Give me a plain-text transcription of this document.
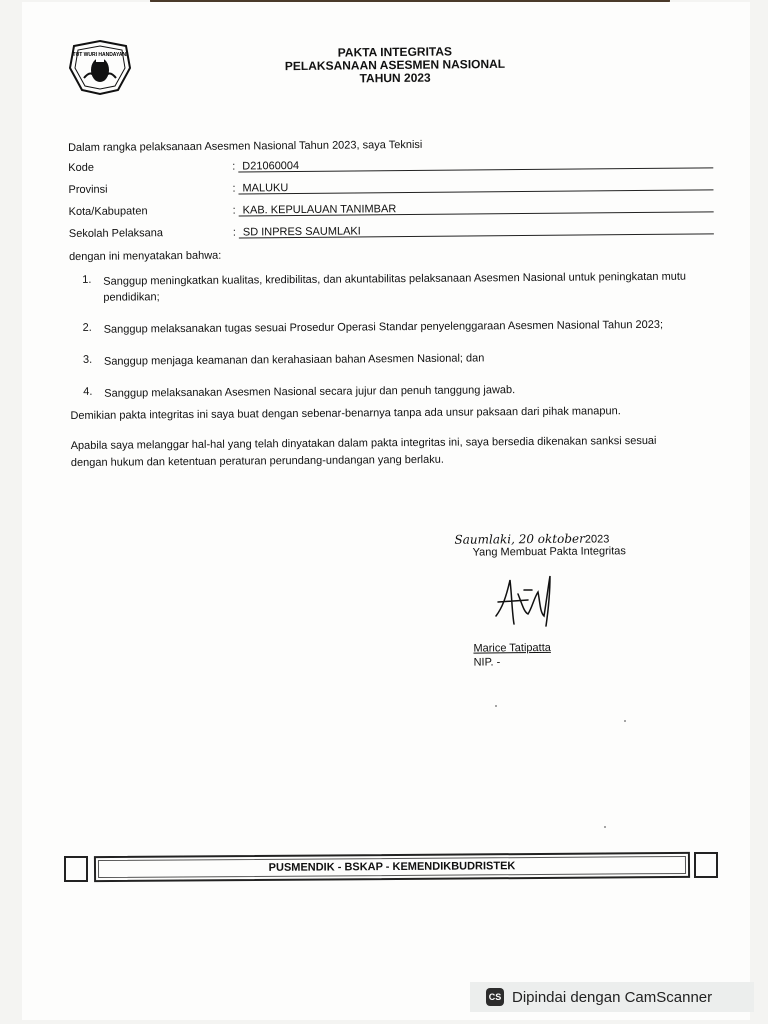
TUT WURI HANDAYANI	PAKTA INTEGRITAS
PELAKSANAAN ASESMEN NASIONAL
TAHUN 2023
Dalam rangka pelaksanaan Asesmen Nasional Tahun 2023, saya Teknisi
Kode	: D21060004
Provinsi	: MALUKU
Kota/Kabupaten	: KAB. KEPULAUAN TANIMBAR
Sekolah Pelaksana	: SD INPRES SAUMLAKI
dengan ini menyatakan bahwa:
1. Sanggup meningkatkan kualitas, kredibilitas, dan akuntabilitas pelaksanaan Asesmen Nasional untuk peningkatan mutu pendidikan;
2. Sanggup melaksanakan tugas sesuai Prosedur Operasi Standar penyelenggaraan Asesmen Nasional Tahun 2023;
3. Sanggup menjaga keamanan dan kerahasiaan bahan Asesmen Nasional; dan
4. Sanggup melaksanakan Asesmen Nasional secara jujur dan penuh tanggung jawab.
Demikian pakta integritas ini saya buat dengan sebenar-benarnya tanpa ada unsur paksaan dari pihak manapun.
Apabila saya melanggar hal-hal yang telah dinyatakan dalam pakta integritas ini, saya bersedia dikenakan sanksi sesuai dengan hukum dan ketentuan peraturan perundang-undangan yang berlaku.
Saumlaki, 20 oktober2023
Yang Membuat Pakta Integritas
Marice Tatipatta
NIP. -
PUSMENDIK - BSKAP - KEMENDIKBUDRISTEK
CS Dipindai dengan CamScanner
